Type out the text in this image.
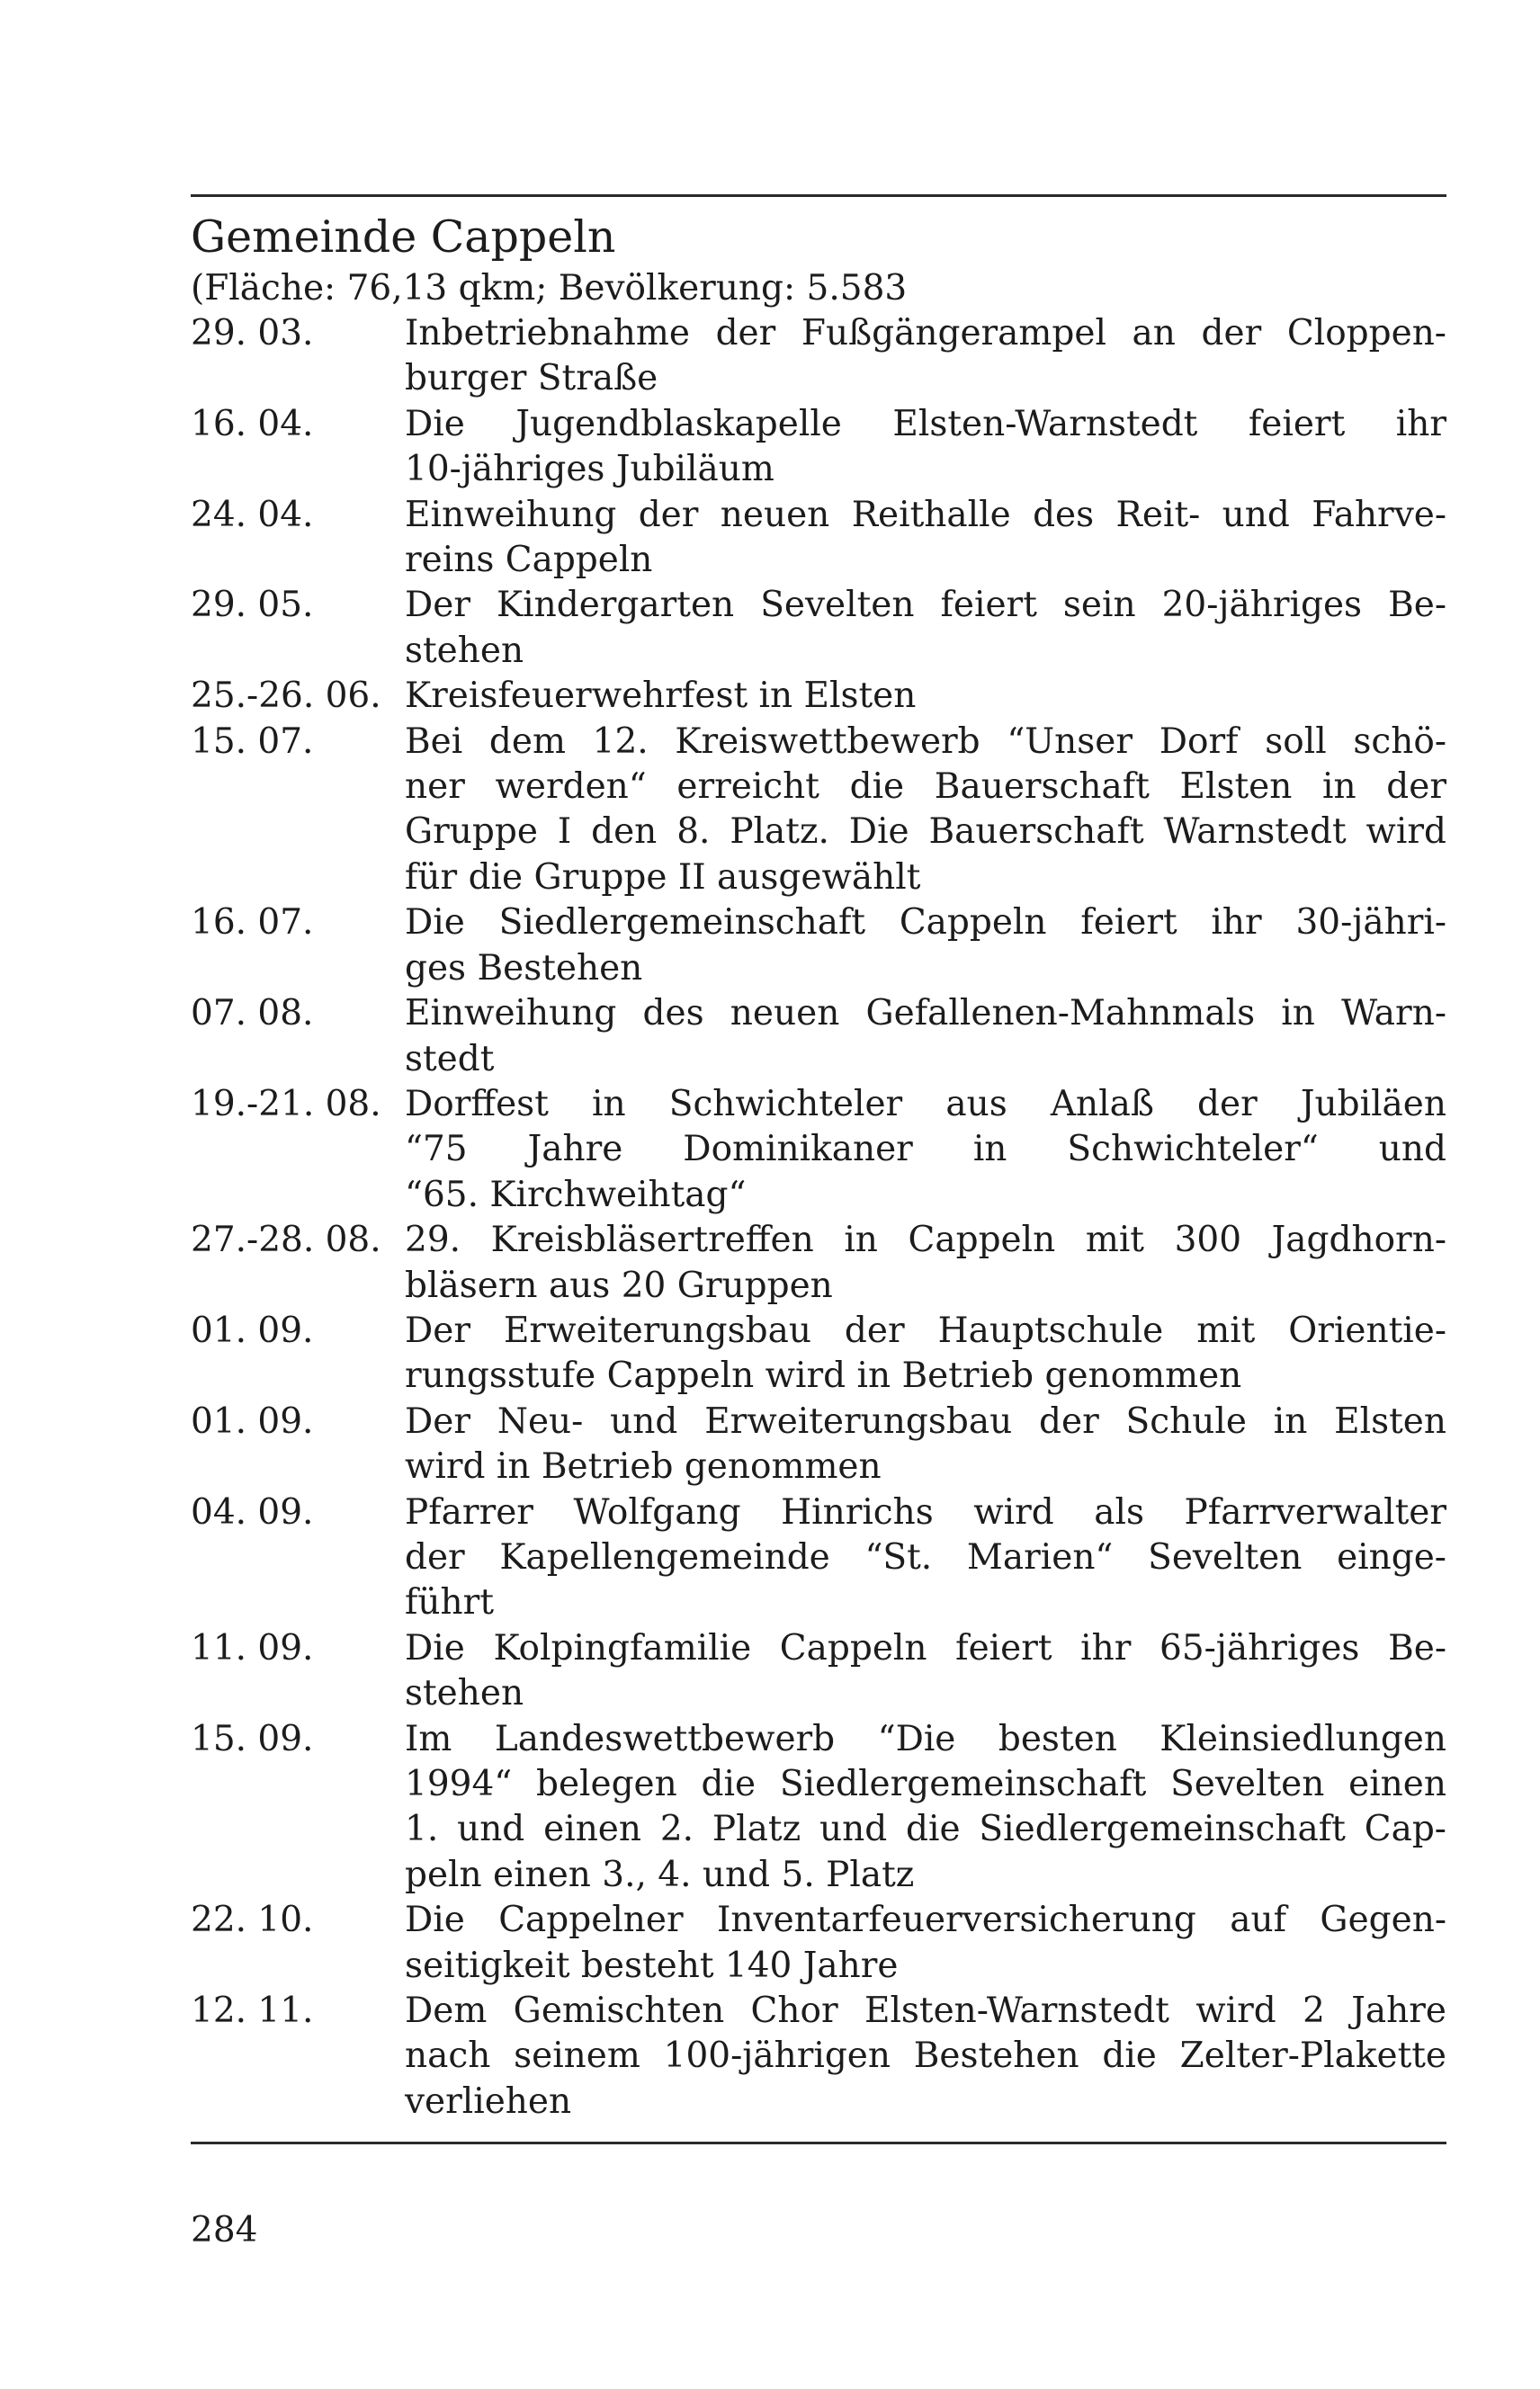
Gemeinde Cappeln
(Fläche: 76,13 qkm; Bevölkerung: 5.583
29. 03.	Inbetriebnahme der Fußgängerampel an der Cloppen-
burger Straße
16. 04.	Die Jugendblaskapelle Elsten-Warnstedt feiert ihr
10-jähriges Jubiläum
24. 04.	Einweihung der neuen Reithalle des Reit- und Fahrve-
reins Cappeln
29. 05.	Der Kindergarten Sevelten feiert sein 20-jähriges Be-
stehen
25.-26. 06. Kreisfeuerwehrfest in Elsten
15. 07.	Bei dem 12. Kreiswettbewerb “Unser Dorf soll schö-
ner werden“ erreicht die Bauerschaft Elsten in der
Gruppe I den 8. Platz. Die Bauerschaft Warnstedt wird
für die Gruppe II ausgewählt
16. 07.	Die Siedlergemeinschaft Cappeln feiert ihr 30-jähri-
ges Bestehen
07. 08.	Einweihung des neuen Gefallenen-Mahnmals in Warn-
stedt
19.-21. 08. Dorffest in Schwichteler aus Anlaß der Jubiläen
“75 Jahre Dominikaner in Schwichteler“ und
“65. Kirchweihtag“
27.-28. 08. 29. Kreisbläsertreffen in Cappeln mit 300 Jagdhorn-
bläsern aus 20 Gruppen
01. 09.	Der Erweiterungsbau der Hauptschule mit Orientie-
rungsstufe Cappeln wird in Betrieb genommen
01. 09.	Der Neu- und Erweiterungsbau der Schule in Elsten
wird in Betrieb genommen
04. 09.	Pfarrer Wolfgang Hinrichs wird als Pfarrverwalter
der Kapellengemeinde “St. Marien“ Sevelten einge-
führt
11. 09.	Die Kolpingfamilie Cappeln feiert ihr 65-jähriges Be-
stehen
15. 09.	Im Landeswettbewerb “Die besten Kleinsiedlungen
1994“ belegen die Siedlergemeinschaft Sevelten einen
1. und einen 2. Platz und die Siedlergemeinschaft Cap-
peln einen 3., 4. und 5. Platz
22. 10.	Die Cappelner Inventarfeuerversicherung auf Gegen-
seitigkeit besteht 140 Jahre
12. 11.	Dem Gemischten Chor Elsten-Warnstedt wird 2 Jahre
nach seinem 100-jährigen Bestehen die Zelter-Plakette
verliehen
284
